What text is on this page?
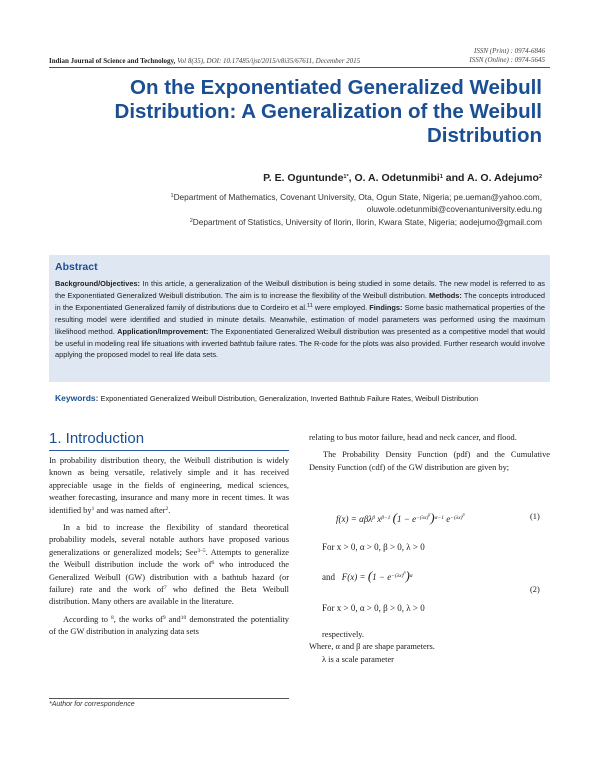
ISSN (Print) : 0974-6846
ISSN (Online) : 0974-5645
Indian Journal of Science and Technology, Vol 8(35), DOI: 10.17485/ijst/2015/v8i35/67611, December 2015
On the Exponentiated Generalized Weibull Distribution: A Generalization of the Weibull Distribution
P. E. Oguntunde$^{1*}$, O. A. Odetunmibi$^1$ and A. O. Adejumo$^2$
$^1$Department of Mathematics, Covenant University, Ota, Ogun State, Nigeria; pe.ueman@yahoo.com,
oluwole.odetunmibi@covenantuniversity.edu.ng
$^2$Department of Statistics, University of Ilorin, Ilorin, Kwara State, Nigeria; aodejumo@gmail.com
Abstract
Background/Objectives: In this article, a generalization of the Weibull distribution is being studied in some details. The new model is referred to as the Exponentiated Generalized Weibull distribution. The aim is to increase the flexibility of the Weibull distribution. Methods: The concepts introduced in the Exponentiated Generalized family of distributions due to Cordeiro et al.$^{11}$ were employed. Findings: Some basic mathematical properties of the resulting model were identified and studied in minute details. Meanwhile, estimation of model parameters was performed using the maximum likelihood method. Application/Improvement: The Exponentiated Generalized Weibull distribution was presented as a competitive model that would be useful in modeling real life situations with inverted bathtub failure rates. The R-code for the plots was also provided. Further research would involve applying the proposed model to real life data sets.
Keywords: Exponentiated Generalized Weibull Distribution, Generalization, Inverted Bathtub Failure Rates, Weibull Distribution
1. Introduction

In probability distribution theory, the Weibull distribution is widely known as being versatile, relatively simple and it has received appreciable usage in the fields of engineering, medical sciences, weather forecasting, insurance and many more in recent times. It was identified $by^1$ and was named after$^2$.

In a bid to increase the flexibility of standard theoretical probability models, several notable authors have proposed various generalizations or generalized models; See$^{3-5}$. Attempts to generalize the Weibull distribution include the work $of^6$ who introduced the Generalized Weibull (GW) distribution with a bathtub hazard (or failure) rate and the work $of^7$ who defined the Beta Weibull distribution. Many others are available in the literature.

According to $^8$, the works $of^9$ and$^{10}$ demonstrated the potentiality of the GW distribution in analyzing data sets

relating to bus motor failure, head and neck cancer, and flood.

The Probability Density Function (pdf) and the Cumulative Density Function (cdf) of the GW distribution are given by;

f(x) = αβλ$^\beta$ $x^{\beta-1}$ $(1 - e^{-(\lambda x)^\beta})^{\alpha-1}$ $e^{-(\lambda x)^\beta}$	(1)
For x > 0, α > 0, β > 0, λ > 0
and $F(x) = (1 - e^{-(\lambda x)^\beta})^\alpha$
(2)
For x > 0, α > 0, β > 0, λ > 0
respectively.
Where, α and β are shape parameters.
λ is a scale parameter
*Author for correspondence
